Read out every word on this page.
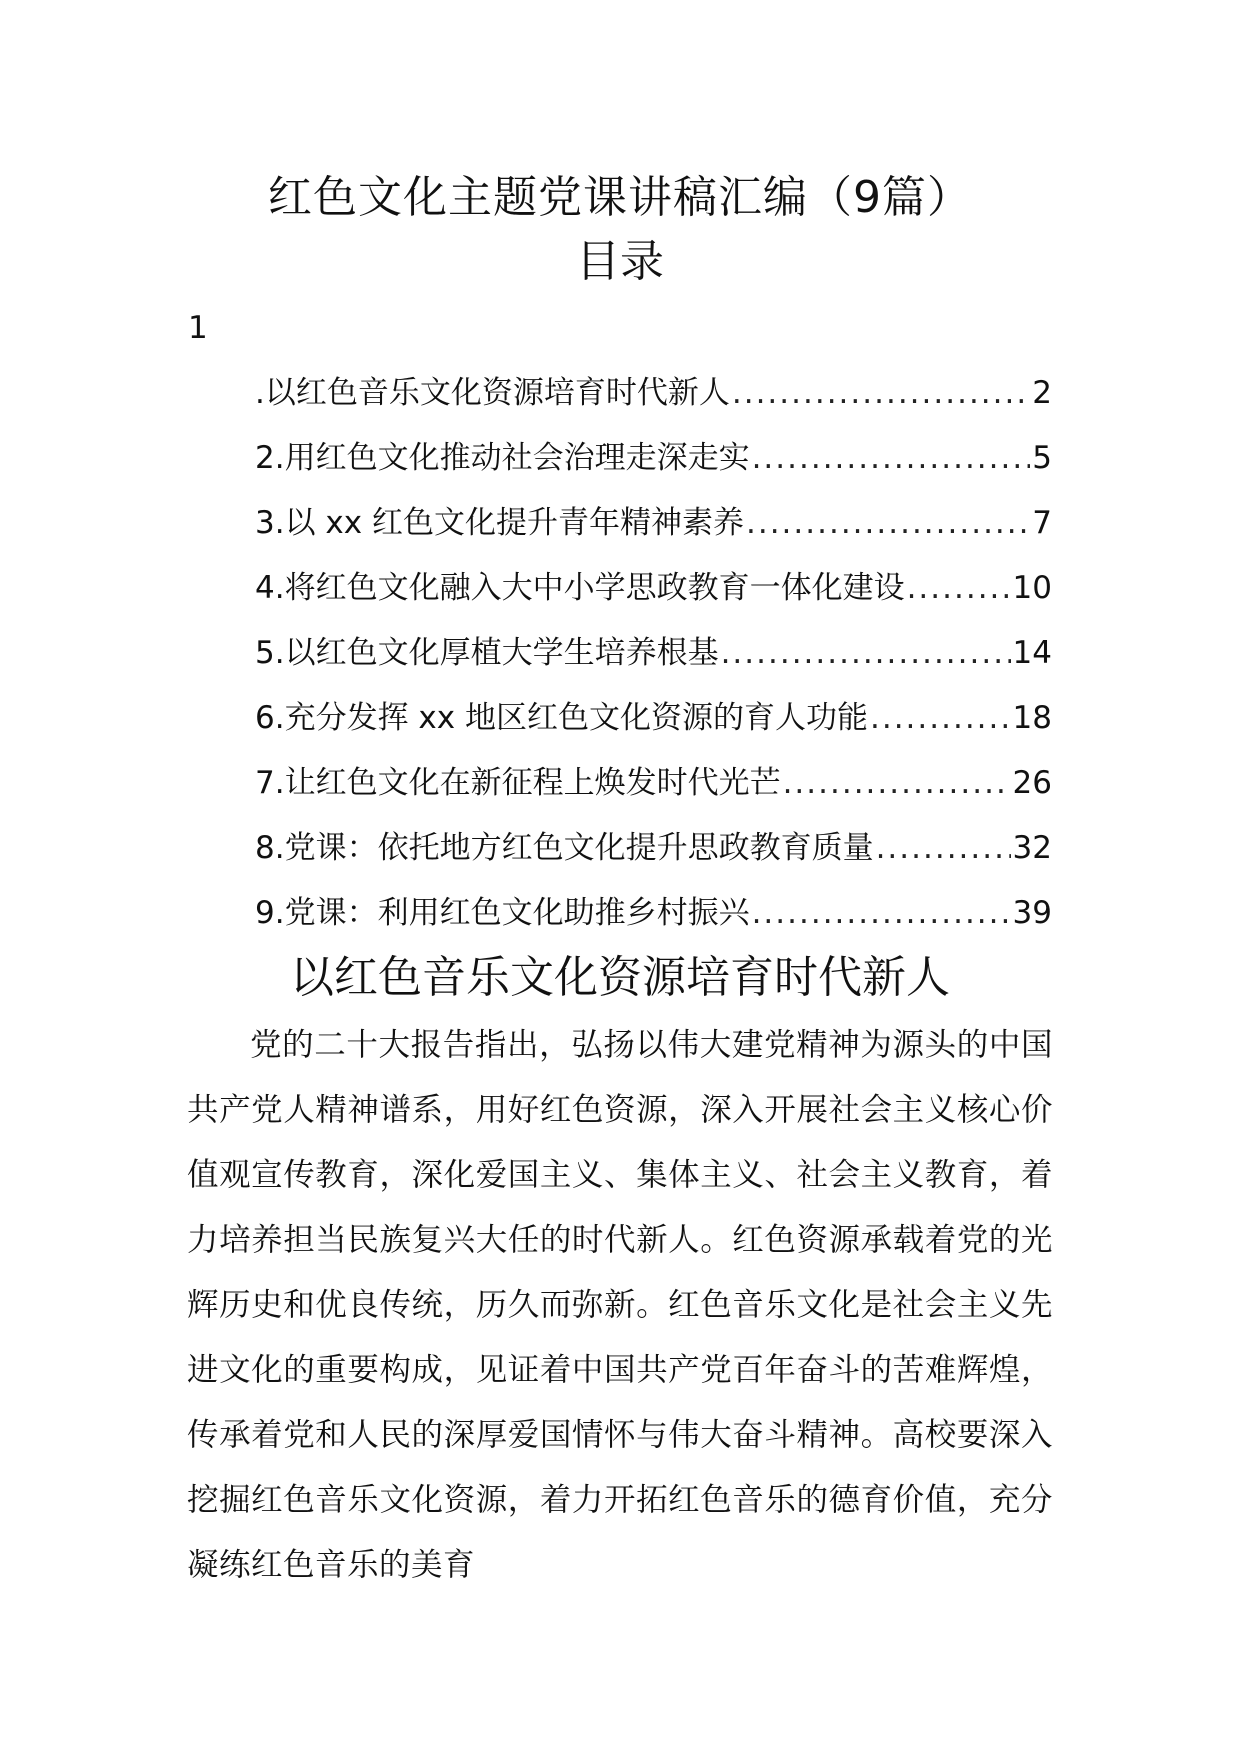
红色文化主题党课讲稿汇编（9篇）
目录
1
.以红色音乐文化资源培育时代新人 .....	2
2.用红色文化推动社会治理走深走实 .....	5
3.以 xx 红色文化提升青年精神素养 .....	7
4.将红色文化融入大中小学思政教育一体化建设 .....	10
5.以红色文化厚植大学生培养根基 .....	14
6.充分发挥 xx 地区红色文化资源的育人功能 .....	18
7.让红色文化在新征程上焕发时代光芒 .....	26
8.党课：依托地方红色文化提升思政教育质量 .....	32
9.党课：利用红色文化助推乡村振兴 .....	39
以红色音乐文化资源培育时代新人

党的二十大报告指出，弘扬以伟大建党精神为源头的中国共产党人精神谱系，用好红色资源，深入开展社会主义核心价值观宣传教育，深化爱国主义、集体主义、社会主义教育，着力培养担当民族复兴大任的时代新人。红色资源承载着党的光辉历史和优良传统，历久而弥新。红色音乐文化是社会主义先进文化的重要构成，见证着中国共产党百年奋斗的苦难辉煌，传承着党和人民的深厚爱国情怀与伟大奋斗精神。高校要深入挖掘红色音乐文化资源，着力开拓红色音乐的德育价值，充分凝练红色音乐的美育
